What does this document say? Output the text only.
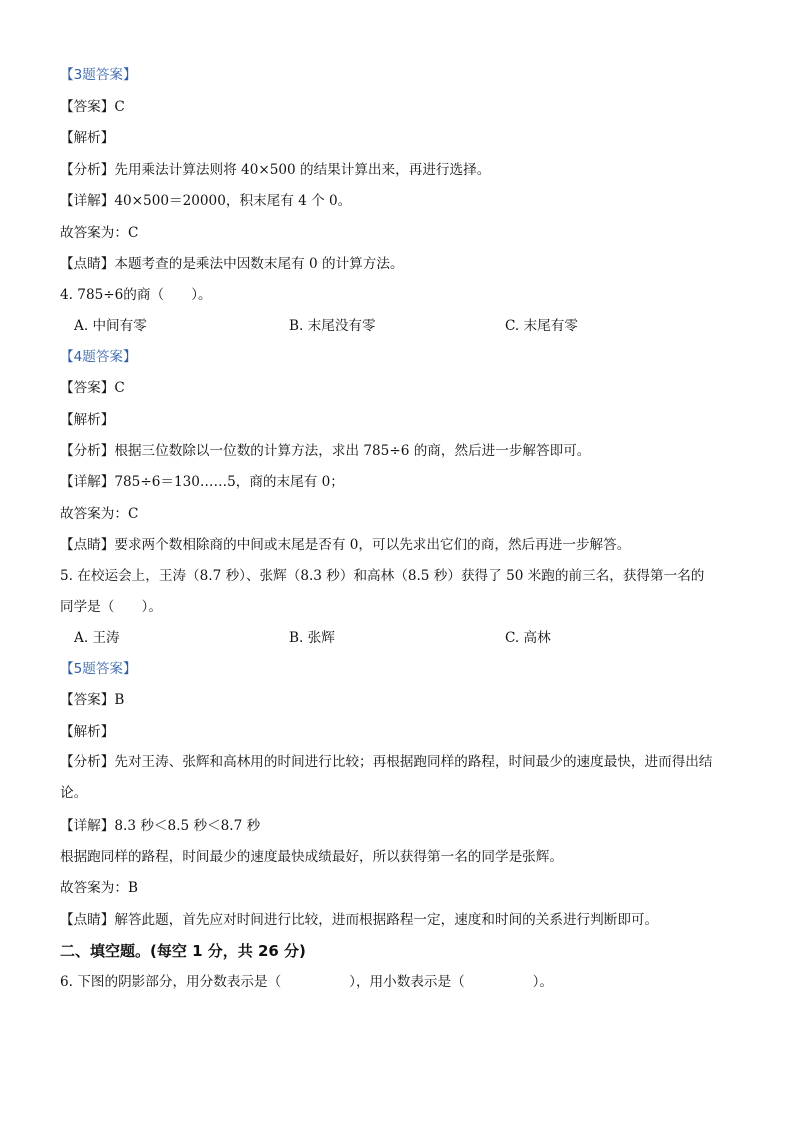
【3题答案】
【答案】C
【解析】
【分析】先用乘法计算法则将 40×500 的结果计算出来，再进行选择。
【详解】40×500＝20000，积末尾有 4 个 0。
故答案为：C
【点睛】本题考查的是乘法中因数末尾有 0 的计算方法。
4. 785÷6的商（　　）。
A. 中间有零	B. 末尾没有零	C. 末尾有零
【4题答案】
【答案】C
【解析】
【分析】根据三位数除以一位数的计算方法，求出 785÷6 的商，然后进一步解答即可。
【详解】785÷6＝130……5，商的末尾有 0；
故答案为：C
【点睛】要求两个数相除商的中间或末尾是否有 0，可以先求出它们的商，然后再进一步解答。
5. 在校运会上，王涛（8.7 秒）、张辉（8.3 秒）和高林（8.5 秒）获得了 50 米跑的前三名，获得第一名的
同学是（　　）。
A. 王涛	B. 张辉	C. 高林
【5题答案】
【答案】B
【解析】
【分析】先对王涛、张辉和高林用的时间进行比较；再根据跑同样的路程，时间最少的速度最快，进而得出结论。
【详解】8.3 秒＜8.5 秒＜8.7 秒
根据跑同样的路程，时间最少的速度最快成绩最好，所以获得第一名的同学是张辉。
故答案为：B
【点睛】解答此题，首先应对时间进行比较，进而根据路程一定，速度和时间的关系进行判断即可。
二、填空题。(每空 1 分，共 26 分)
6. 下图的阴影部分，用分数表示是（　　　　　），用小数表示是（　　　　　）。
